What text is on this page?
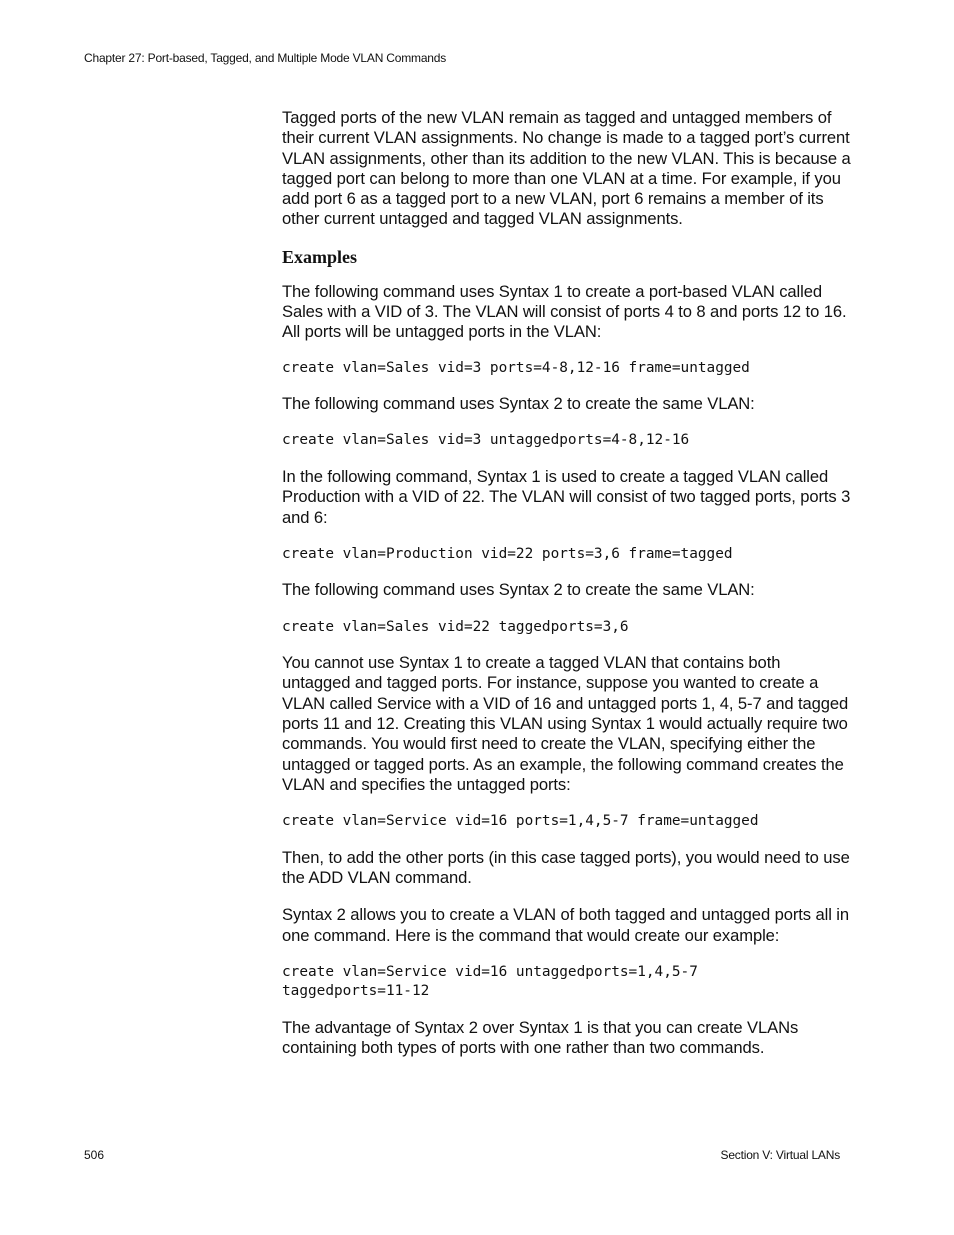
Chapter 27: Port-based, Tagged, and Multiple Mode VLAN Commands

Tagged ports of the new VLAN remain as tagged and untagged members of their current VLAN assignments. No change is made to a tagged port’s current VLAN assignments, other than its addition to the new VLAN. This is because a tagged port can belong to more than one VLAN at a time. For example, if you add port 6 as a tagged port to a new VLAN, port 6 remains a member of its other current untagged and tagged VLAN assignments.

Examples

The following command uses Syntax 1 to create a port-based VLAN called Sales with a VID of 3. The VLAN will consist of ports 4 to 8 and ports 12 to 16. All ports will be untagged ports in the VLAN:

create vlan=Sales vid=3 ports=4-8,12-16 frame=untagged

The following command uses Syntax 2 to create the same VLAN:

create vlan=Sales vid=3 untaggedports=4-8,12-16

In the following command, Syntax 1 is used to create a tagged VLAN called Production with a VID of 22. The VLAN will consist of two tagged ports, ports 3 and 6:

create vlan=Production vid=22 ports=3,6 frame=tagged

The following command uses Syntax 2 to create the same VLAN:

create vlan=Sales vid=22 taggedports=3,6

You cannot use Syntax 1 to create a tagged VLAN that contains both untagged and tagged ports. For instance, suppose you wanted to create a VLAN called Service with a VID of 16 and untagged ports 1, 4, 5-7 and tagged ports 11 and 12. Creating this VLAN using Syntax 1 would actually require two commands. You would first need to create the VLAN, specifying either the untagged or tagged ports. As an example, the following command creates the VLAN and specifies the untagged ports:

create vlan=Service vid=16 ports=1,4,5-7 frame=untagged

Then, to add the other ports (in this case tagged ports), you would need to use the ADD VLAN command.

Syntax 2 allows you to create a VLAN of both tagged and untagged ports all in one command. Here is the command that would create our example:

create vlan=Service vid=16 untaggedports=1,4,5-7
taggedports=11-12

The advantage of Syntax 2 over Syntax 1 is that you can create VLANs containing both types of ports with one rather than two commands.

506	Section V: Virtual LANs
